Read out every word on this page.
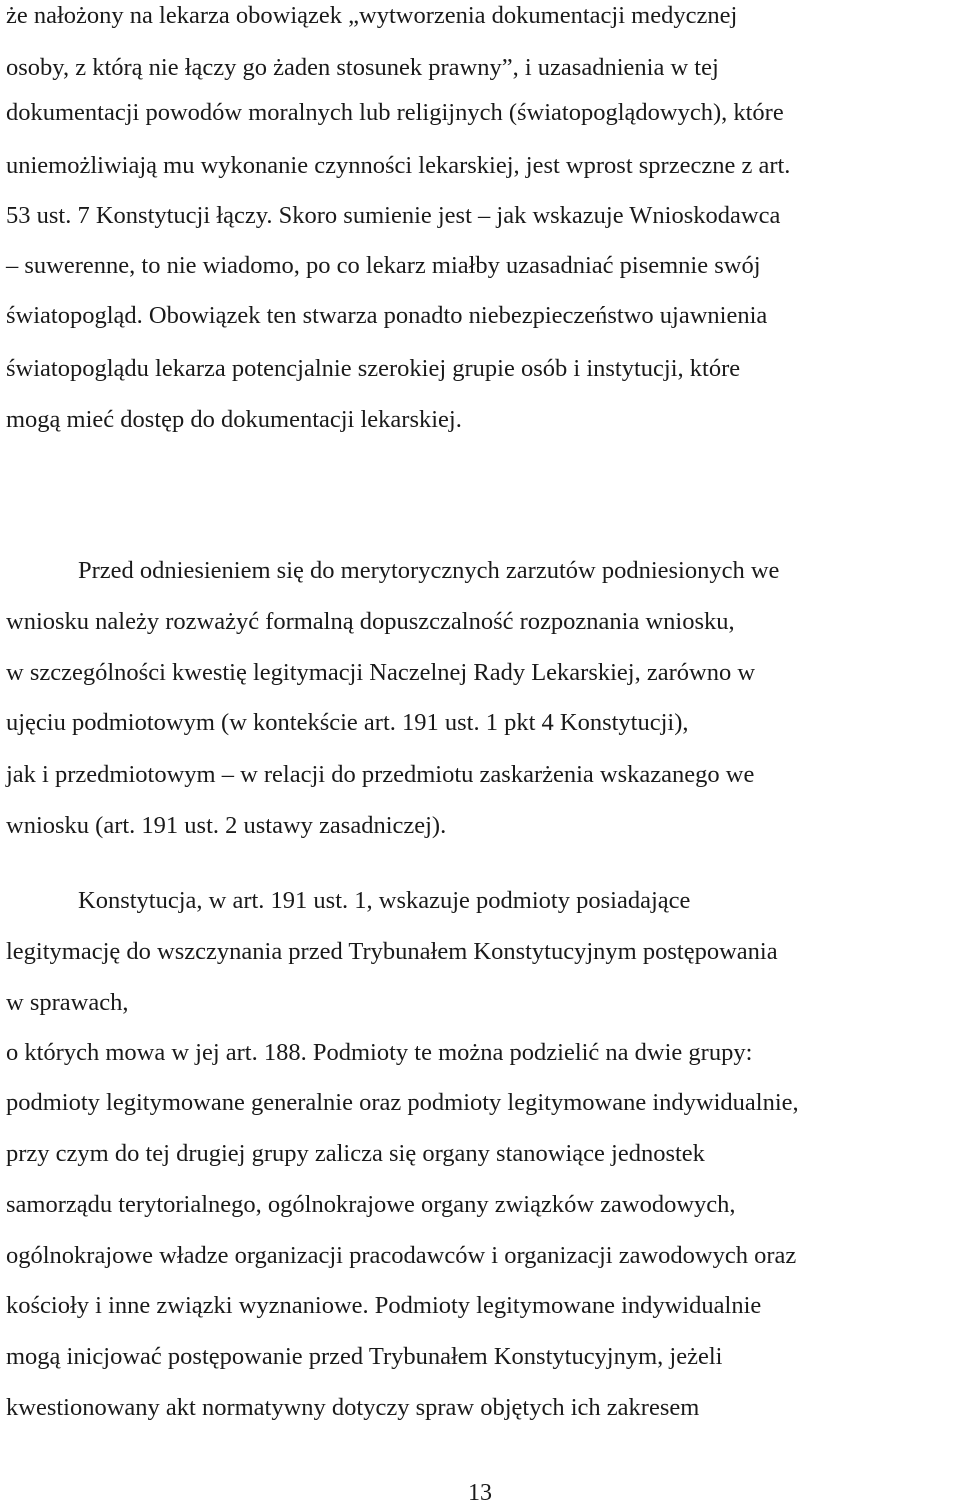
że nałożony na lekarza obowiązek „wytworzenia dokumentacji medycznej
osoby, z którą nie łączy go żaden stosunek prawny”, i uzasadnienia w tej
dokumentacji powodów moralnych lub religijnych (światopoglądowych), które
uniemożliwiają mu wykonanie czynności lekarskiej, jest wprost sprzeczne z art.
53 ust. 7 Konstytucji łączy. Skoro sumienie jest – jak wskazuje Wnioskodawca
– suwerenne, to nie wiadomo, po co lekarz miałby uzasadniać pisemnie swój
światopogląd. Obowiązek ten stwarza ponadto niebezpieczeństwo ujawnienia
światopoglądu lekarza potencjalnie szerokiej grupie osób i instytucji, które
mogą mieć dostęp do dokumentacji lekarskiej.
Przed odniesieniem się do merytorycznych zarzutów podniesionych we
wniosku należy rozważyć formalną dopuszczalność rozpoznania wniosku,
w szczególności kwestię legitymacji Naczelnej Rady Lekarskiej, zarówno w
ujęciu podmiotowym (w kontekście art. 191 ust. 1 pkt 4 Konstytucji),
jak i przedmiotowym – w relacji do przedmiotu zaskarżenia wskazanego we
wniosku (art. 191 ust. 2 ustawy zasadniczej).
Konstytucja, w art. 191 ust. 1, wskazuje podmioty posiadające
legitymację do wszczynania przed Trybunałem Konstytucyjnym postępowania
w sprawach,
o których mowa w jej art. 188. Podmioty te można podzielić na dwie grupy:
podmioty legitymowane generalnie oraz podmioty legitymowane indywidualnie,
przy czym do tej drugiej grupy zalicza się organy stanowiące jednostek
samorządu terytorialnego, ogólnokrajowe organy związków zawodowych,
ogólnokrajowe władze organizacji pracodawców i organizacji zawodowych oraz
kościoły i inne związki wyznaniowe. Podmioty legitymowane indywidualnie
mogą inicjować postępowanie przed Trybunałem Konstytucyjnym, jeżeli
kwestionowany akt normatywny dotyczy spraw objętych ich zakresem
13
